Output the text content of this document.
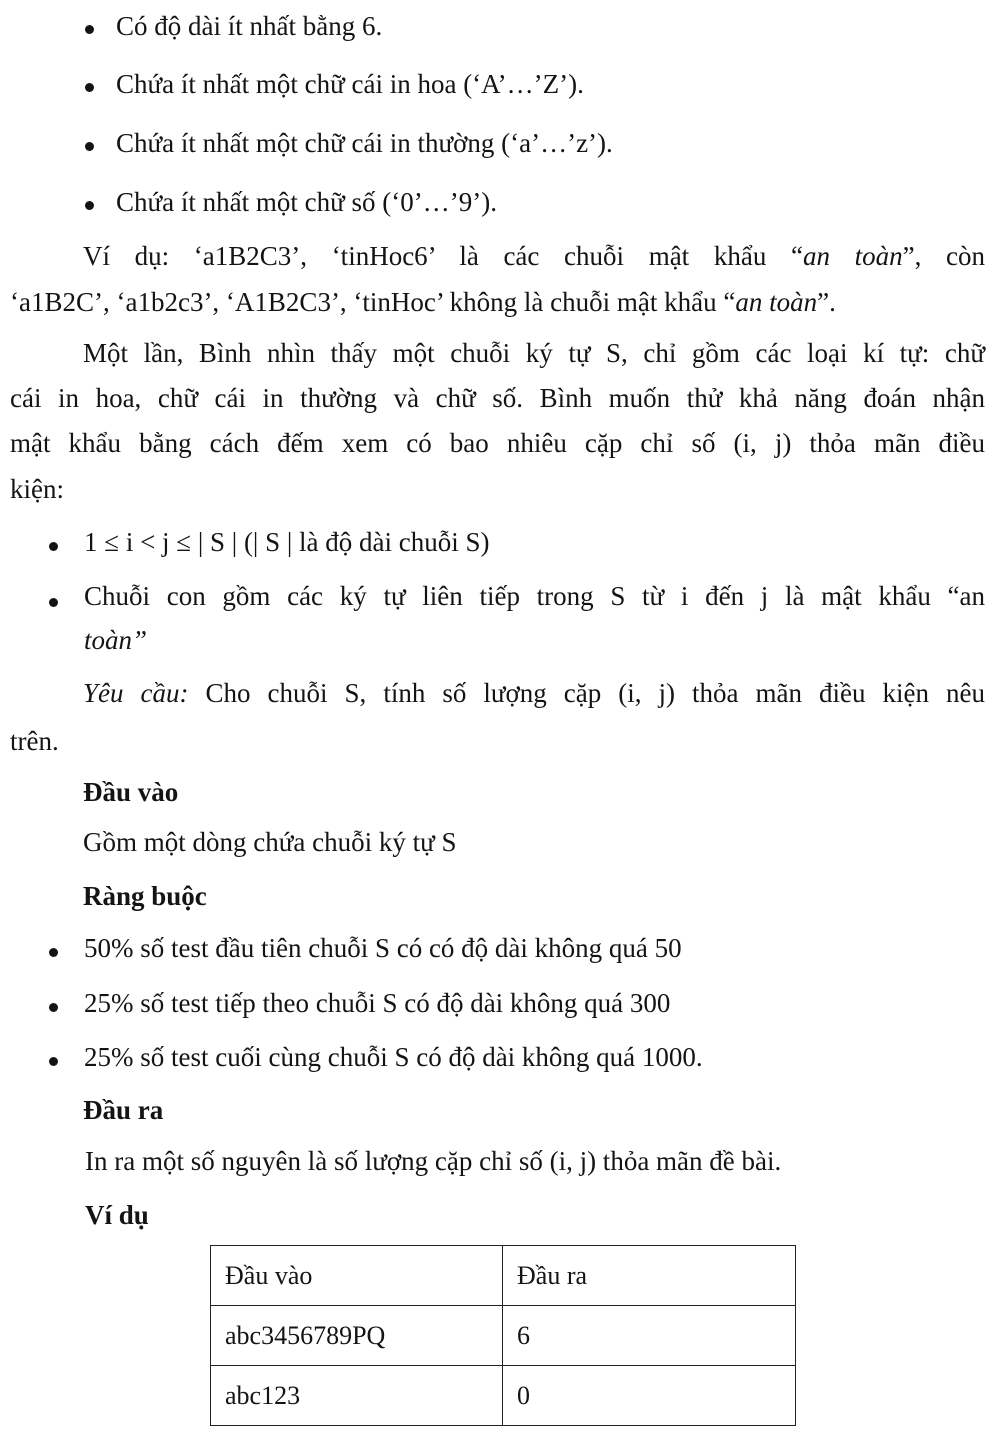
Có độ dài ít nhất bằng 6.
Chứa ít nhất một chữ cái in hoa (‘A’…’Z’).
Chứa ít nhất một chữ cái in thường (‘a’…’z’).
Chứa ít nhất một chữ số (‘0’…’9’).
Ví dụ: ‘a1B2C3’, ‘tinHoc6’ là các chuỗi mật khẩu “an toàn”, còn
‘a1B2C’, ‘a1b2c3’, ‘A1B2C3’, ‘tinHoc’ không là chuỗi mật khẩu “an toàn”.
Một lần, Bình nhìn thấy một chuỗi ký tự S, chỉ gồm các loại kí tự: chữ
cái in hoa, chữ cái in thường và chữ số. Bình muốn thử khả năng đoán nhận
mật khẩu bằng cách đếm xem có bao nhiêu cặp chỉ số (i, j) thỏa mãn điều
kiện:
1 ≤ i < j ≤ | S | (| S | là độ dài chuỗi S)
Chuỗi con gồm các ký tự liên tiếp trong S từ i đến j là mật khẩu “an
toàn”
Yêu cầu: Cho chuỗi S, tính số lượng cặp (i, j) thỏa mãn điều kiện nêu
trên.
Đầu vào
Gồm một dòng chứa chuỗi ký tự S
Ràng buộc
50% số test đầu tiên chuỗi S có có độ dài không quá 50
25% số test tiếp theo chuỗi S có độ dài không quá 300
25% số test cuối cùng chuỗi S có độ dài không quá 1000.
Đầu ra
In ra một số nguyên là số lượng cặp chỉ số (i, j) thỏa mãn đề bài.
Ví dụ
Đầu vào	Đầu ra
abc3456789PQ	6
abc123	0
